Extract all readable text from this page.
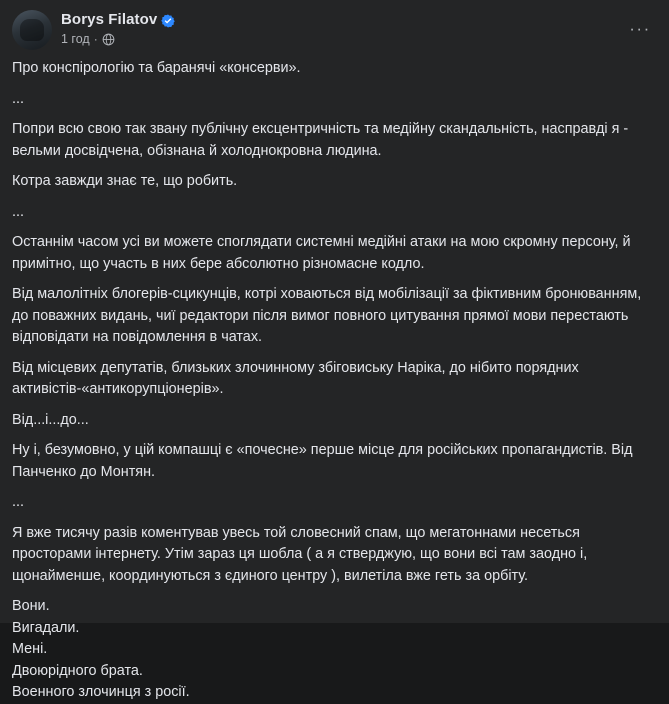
Borys Filatov
1 год ·
···

Про конспірологію та баранячі «консерви».

...

Попри всю свою так звану публічну ексцентричність та медійну скандальність, насправді я - вельми досвідчена, обізнана й холоднокровна людина.

Котра завжди знає те, що робить.

...

Останнім часом усі ви можете споглядати системні медійні атаки на мою скромну персону, й примітно, що участь в них бере абсолютно різномасне кодло.

Від малолітніх блогерів-сцикунців, котрі ховаються від мобілізації за фіктивним бронюванням, до поважних видань, чиї редактори після вимог повного цитування прямої мови перестають відповідати на повідомлення в чатах.

Від місцевих депутатів, близьких злочинному збіговиську Наріка, до нібито порядних активістів-«антикорупціонерів».

Від...і...до...

Ну і, безумовно, у цій компашці є «почесне» перше місце для російських пропагандистів. Від Панченко до Монтян.

...

Я вже тисячу разів коментував увесь той словесний спам, що мегатоннами несеться просторами інтернету. Утім зараз ця шобла ( а я стверджую, що вони всі там заодно і, щонайменше, координуються з єдиного центру ), вилетіла вже геть за орбіту.

Вони.

Вигадали.

Мені.

Двоюрідного брата.

Военного злочинця з росії.
